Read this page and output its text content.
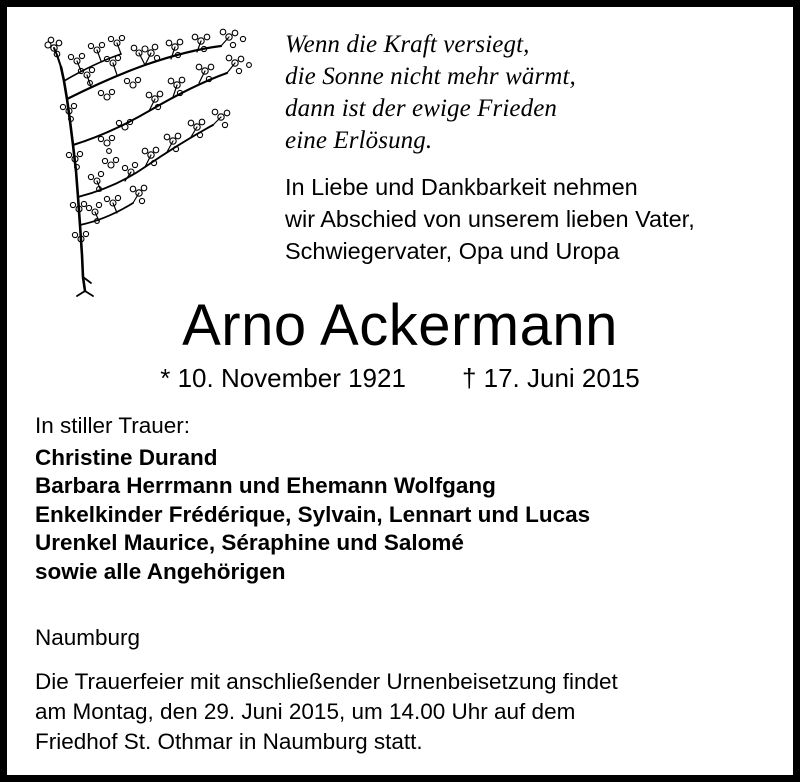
Wenn die Kraft versiegt,
die Sonne nicht mehr wärmt,
dann ist der ewige Frieden
eine Erlösung.
In Liebe und Dankbarkeit nehmen
wir Abschied von unserem lieben Vater,
Schwiegervater, Opa und Uropa
Arno Ackermann
* 10. November 1921 † 17. Juni 2015
In stiller Trauer:
Christine Durand
Barbara Herrmann und Ehemann Wolfgang
Enkelkinder Frédérique, Sylvain, Lennart und Lucas
Urenkel Maurice, Séraphine und Salomé
sowie alle Angehörigen
Naumburg
Die Trauerfeier mit anschließender Urnenbeisetzung findet
am Montag, den 29. Juni 2015, um 14.00 Uhr auf dem
Friedhof St. Othmar in Naumburg statt.
